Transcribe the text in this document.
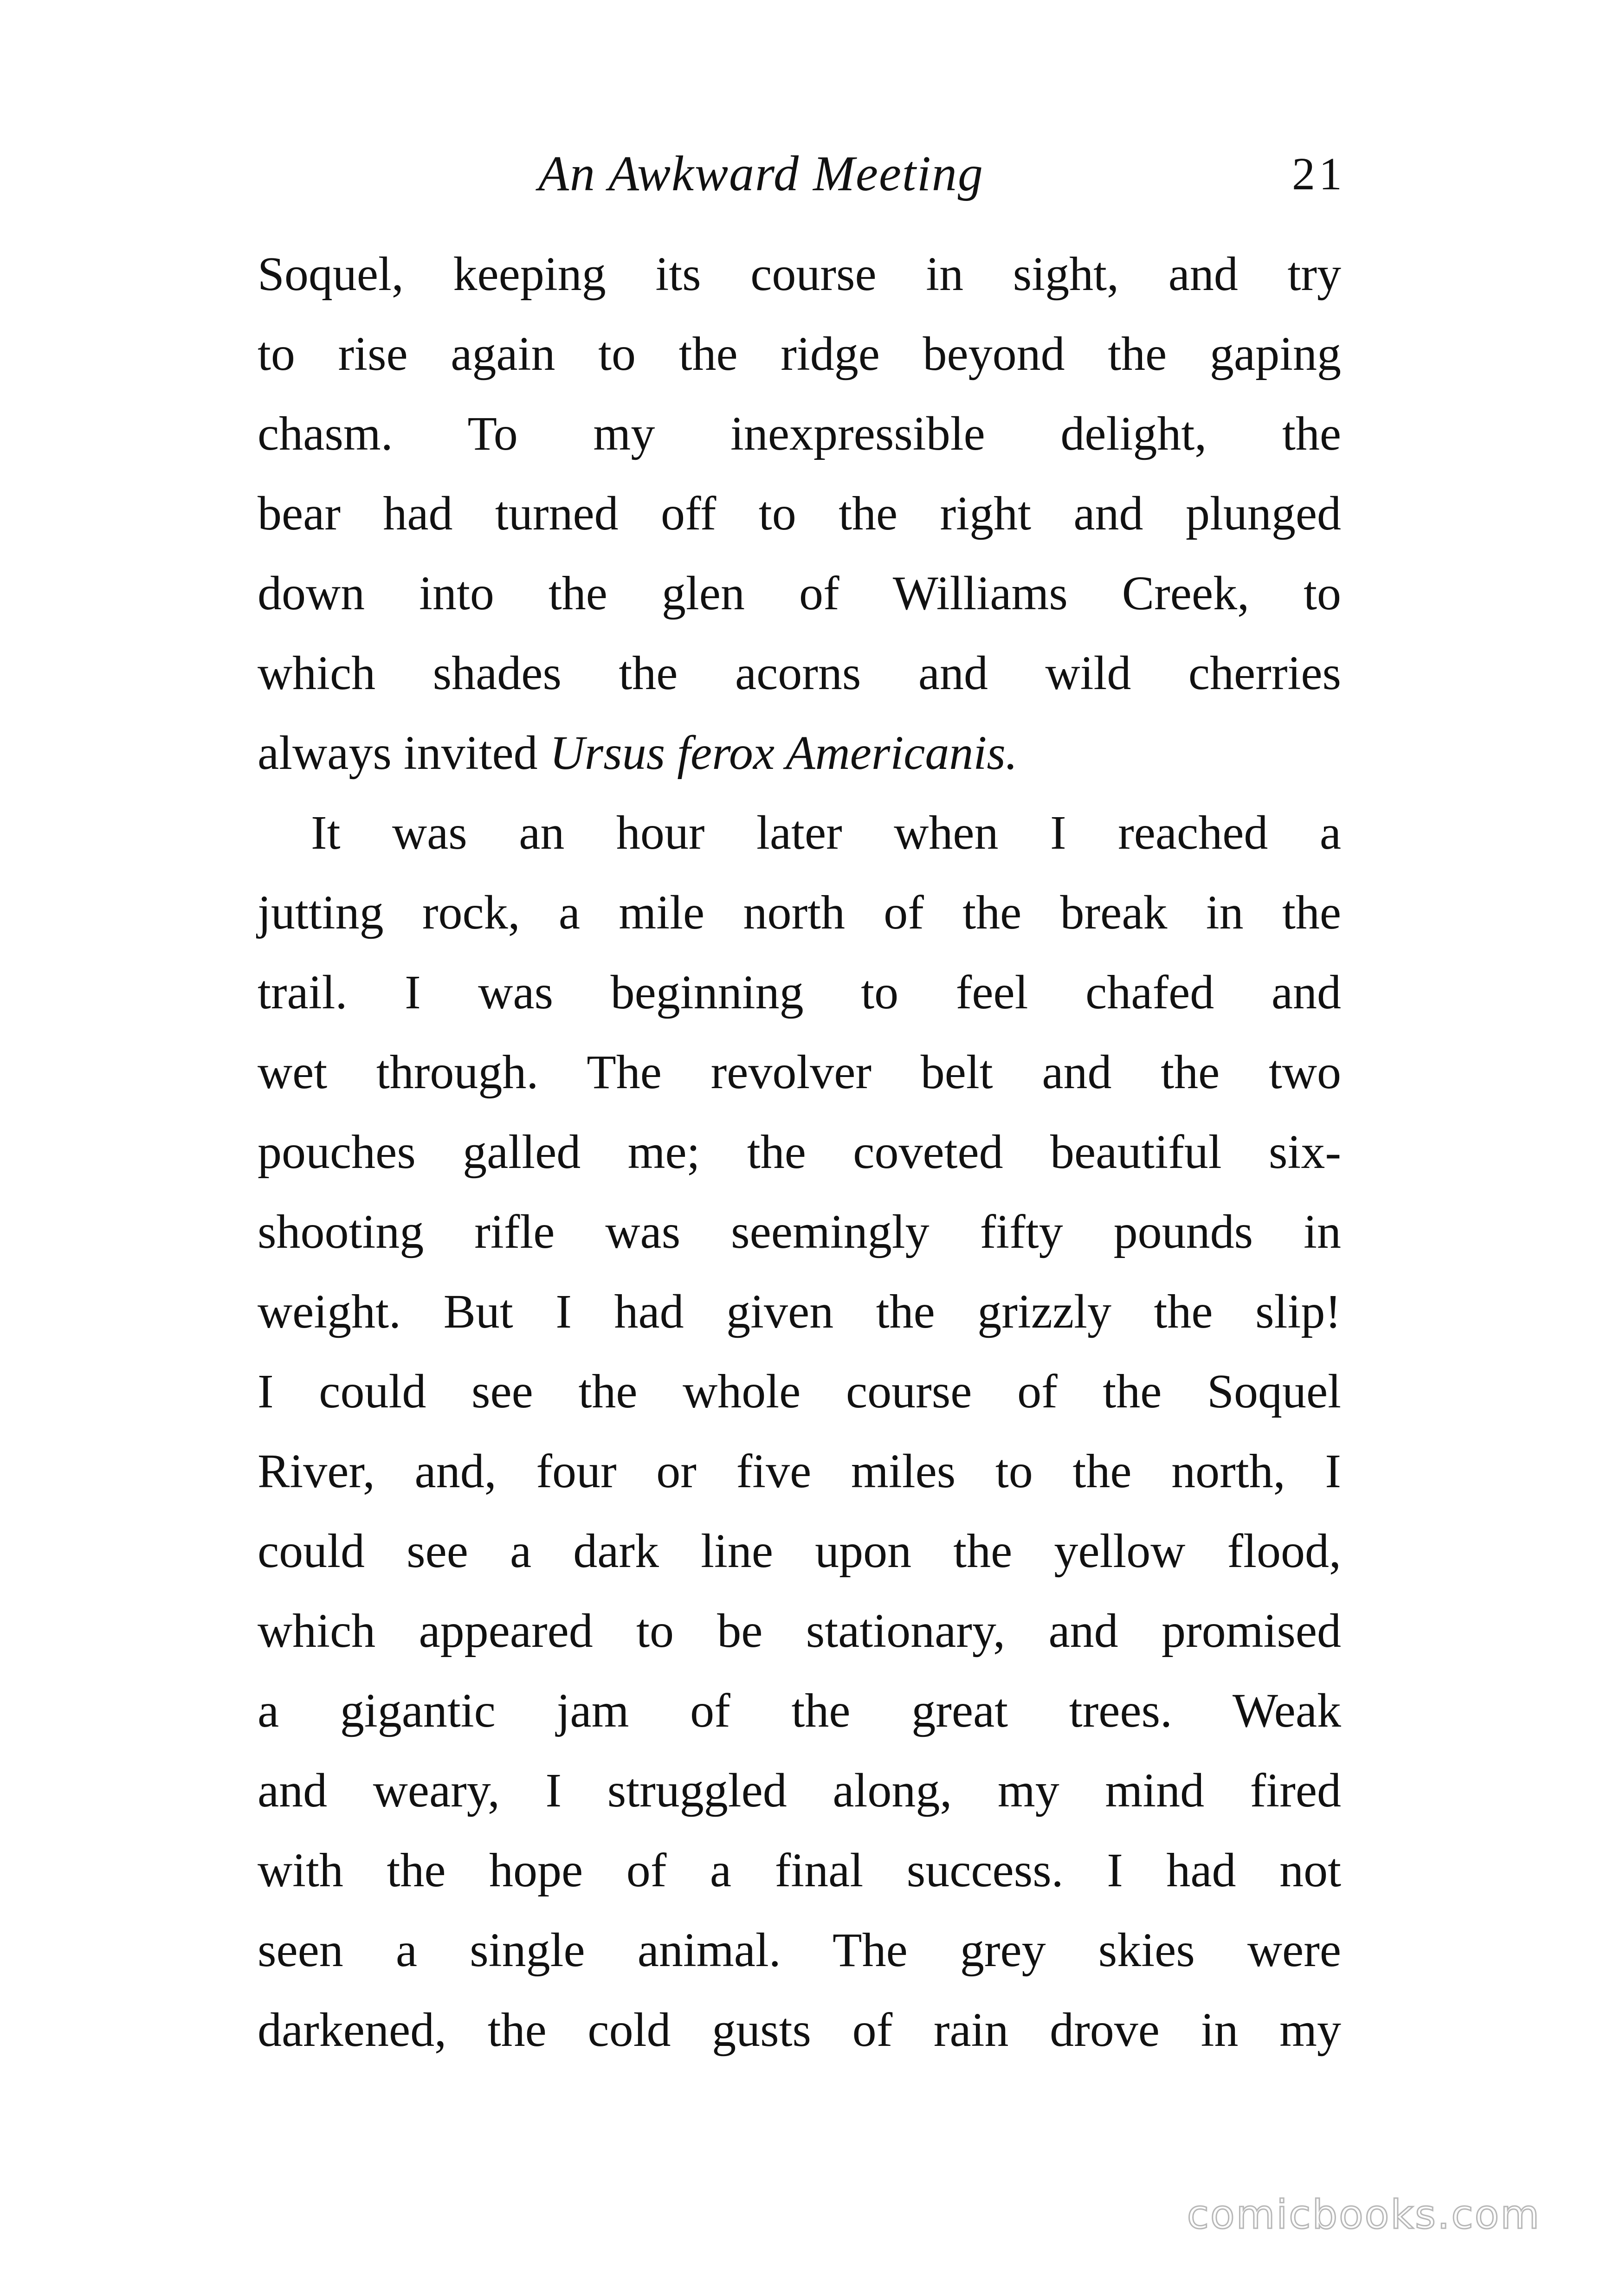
An Awkward Meeting	21
Soquel, keeping its course in sight, and try
to rise again to the ridge beyond the gaping
chasm. To my inexpressible delight, the
bear had turned off to the right and plunged
down into the glen of Williams Creek, to
which shades the acorns and wild cherries
always invited Ursus ferox Americanis.
It was an hour later when I reached a
jutting rock, a mile north of the break in the
trail. I was beginning to feel chafed and
wet through. The revolver belt and the two
pouches galled me; the coveted beautiful six-
shooting rifle was seemingly fifty pounds in
weight. But I had given the grizzly the slip!
I could see the whole course of the Soquel
River, and, four or five miles to the north, I
could see a dark line upon the yellow flood,
which appeared to be stationary, and promised
a gigantic jam of the great trees. Weak
and weary, I struggled along, my mind fired
with the hope of a final success. I had not
seen a single animal. The grey skies were
darkened, the cold gusts of rain drove in my
comicbooks.com
